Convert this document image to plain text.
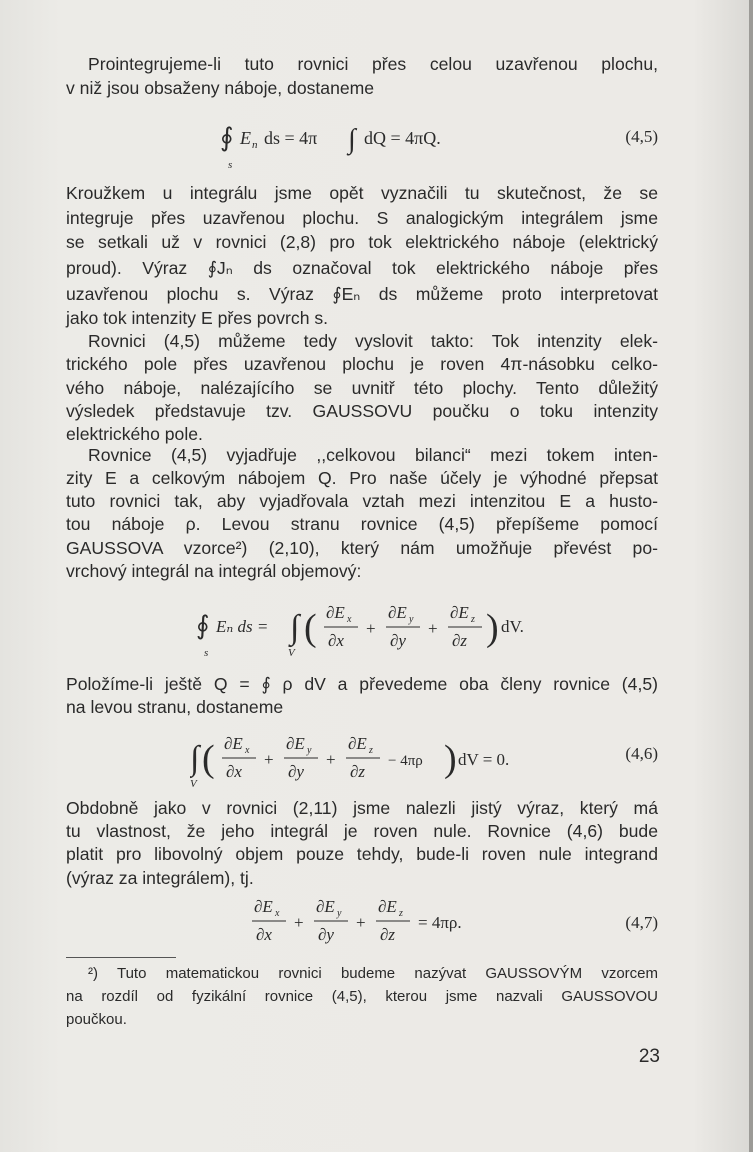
Prointegrujeme-li tuto rovnici přes celou uzavřenou plochu,
v niž jsou obsaženy náboje, dostaneme
∮ E n ds = 4π ∫ dQ = 4πQ.
s
(4,5)
Kroužkem u integrálu jsme opět vyznačili tu skutečnost, že se
integruje přes uzavřenou plochu. S analogickým integrálem jsme
se setkali už v rovnici (2,8) pro tok elektrického náboje (elektrický
proud). Výraz ∮Jₙ ds označoval tok elektrického náboje přes
uzavřenou plochu s. Výraz ∮Eₙ ds můžeme proto interpretovat
jako tok intenzity E přes povrch s.
Rovnici (4,5) můžeme tedy vyslovit takto: Tok intenzity elek-
trického pole přes uzavřenou plochu je roven 4π-násobku celko-
vého náboje, nalézajícího se uvnitř této plochy. Tento důležitý
výsledek představuje tzv. GAUSSOVU poučku o toku intenzity
elektrického pole.
Rovnice (4,5) vyjadřuje ,,celkovou bilanci“ mezi tokem inten-
zity E a celkovým nábojem Q. Pro naše účely je výhodné přepsat
tuto rovnici tak, aby vyjadřovala vztah mezi intenzitou E a husto-
tou náboje ρ. Levou stranu rovnice (4,5) přepíšeme pomocí
GAUSSOVA vzorce²) (2,10), který nám umožňuje převést po-
vrchový integrál na integrál objemový:
∮ Eₙ ds = ∫ ( ∂E x
∂x
+
∂E y
∂y
+
∂E z
∂z ) dV.
s	V
Položíme-li ještě Q = ∮ ρ dV a převedeme oba členy rovnice (4,5)
na levou stranu, dostaneme
∫ ( ∂E x
∂x
+
∂E y
∂y
+
∂E z
∂z
− 4πρ ) dV = 0.
V
(4,6)
Obdobně jako v rovnici (2,11) jsme nalezli jistý výraz, který má
tu vlastnost, že jeho integrál je roven nule. Rovnice (4,6) bude
platit pro libovolný objem pouze tehdy, bude-li roven nule integrand
(výraz za integrálem), tj.
∂E x
∂x
+
∂E y
∂y
+
∂E z
∂z
= 4πρ.	(4,7)
²) Tuto matematickou rovnici budeme nazývat GAUSSOVÝM vzorcem
na rozdíl od fyzikální rovnice (4,5), kterou jsme nazvali GAUSSOVOU
poučkou.
23
